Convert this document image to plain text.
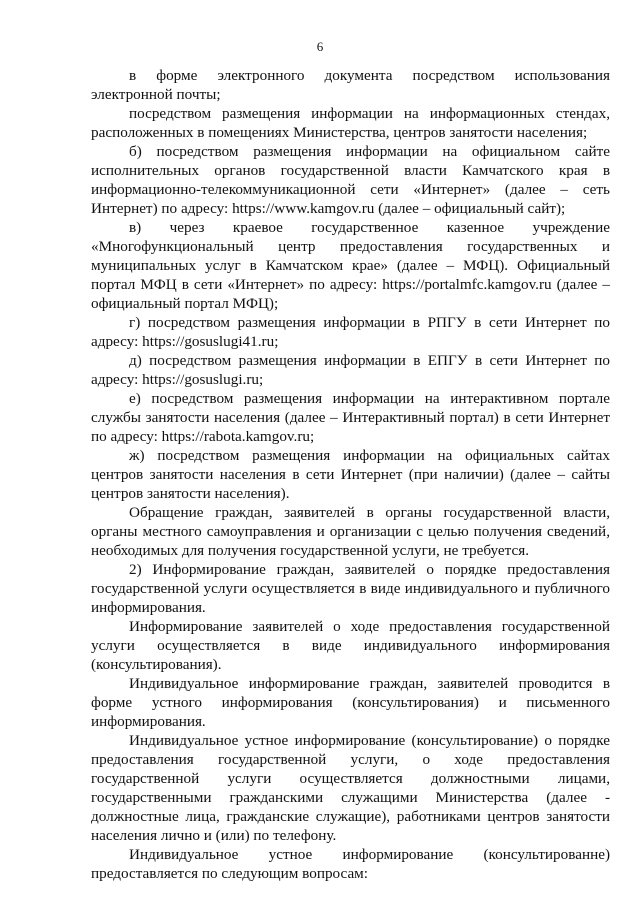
6

в форме электронного документа посредством использования электронной почты;

посредством размещения информации на информационных стендах, расположенных в помещениях Министерства, центров занятости населения;

б) посредством размещения информации на официальном сайте исполнительных органов государственной власти Камчатского края в информационно-телекоммуникационной сети «Интернет» (далее – сеть Интернет) по адресу: https://www.kamgov.ru (далее – официальный сайт);

в) через краевое государственное казенное учреждение «Многофункциональный центр предоставления государственных и муниципальных услуг в Камчатском крае» (далее – МФЦ). Официальный портал МФЦ в сети «Интернет» по адресу: https://portalmfc.kamgov.ru (далее – официальный портал МФЦ);

г) посредством размещения информации в РПГУ в сети Интернет по адресу: https://gosuslugi41.ru;

д) посредством размещения информации в ЕПГУ в сети Интернет по адресу: https://gosuslugi.ru;

е) посредством размещения информации на интерактивном портале службы занятости населения (далее – Интерактивный портал) в сети Интернет по адресу: https://rabota.kamgov.ru;

ж) посредством размещения информации на официальных сайтах центров занятости населения в сети Интернет (при наличии) (далее – сайты центров занятости населения).

Обращение граждан, заявителей в органы государственной власти, органы местного самоуправления и организации с целью получения сведений, необходимых для получения государственной услуги, не требуется.

2) Информирование граждан, заявителей о порядке предоставления государственной услуги осуществляется в виде индивидуального и публичного информирования.

Информирование заявителей о ходе предоставления государственной услуги осуществляется в виде индивидуального информирования (консультирования).

Индивидуальное информирование граждан, заявителей проводится в форме устного информирования (консультирования) и письменного информирования.

Индивидуальное устное информирование (консультирование) о порядке предоставления государственной услуги, о ходе предоставления государственной услуги осуществляется должностными лицами, государственными гражданскими служащими Министерства (далее - должностные лица, гражданские служащие), работниками центров занятости населения лично и (или) по телефону.

Индивидуальное устное информирование (консультированне) предоставляется по следующим вопросам:
